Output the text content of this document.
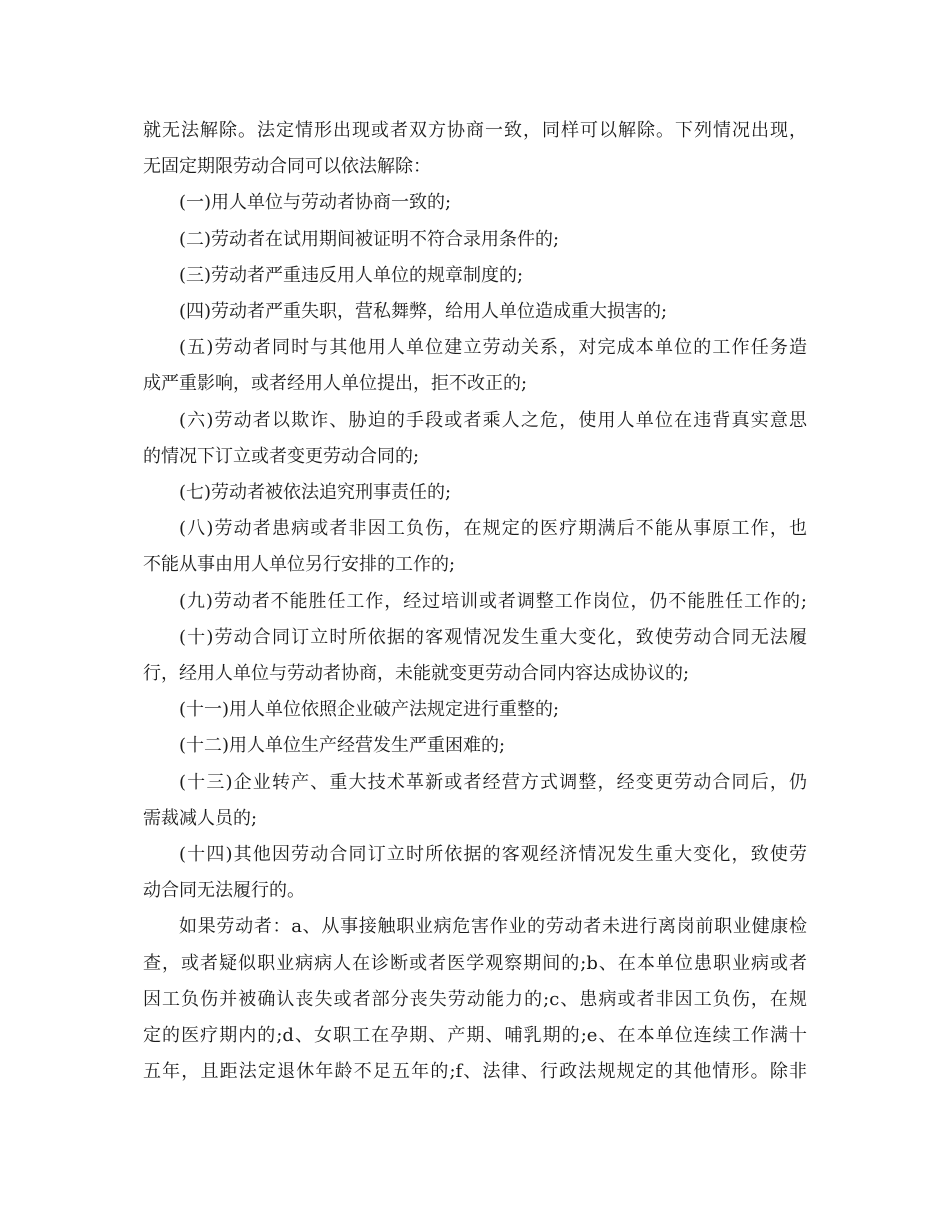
就无法解除。法定情形出现或者双方协商一致，同样可以解除。下列情况出现，

无固定期限劳动合同可以依法解除：

(一)用人单位与劳动者协商一致的;

(二)劳动者在试用期间被证明不符合录用条件的;

(三)劳动者严重违反用人单位的规章制度的;

(四)劳动者严重失职，营私舞弊，给用人单位造成重大损害的;

(五)劳动者同时与其他用人单位建立劳动关系，对完成本单位的工作任务造

成严重影响，或者经用人单位提出，拒不改正的;

(六)劳动者以欺诈、胁迫的手段或者乘人之危，使用人单位在违背真实意思

的情况下订立或者变更劳动合同的;

(七)劳动者被依法追究刑事责任的;

(八)劳动者患病或者非因工负伤，在规定的医疗期满后不能从事原工作，也

不能从事由用人单位另行安排的工作的;

(九)劳动者不能胜任工作，经过培训或者调整工作岗位，仍不能胜任工作的;

(十)劳动合同订立时所依据的客观情况发生重大变化，致使劳动合同无法履

行，经用人单位与劳动者协商，未能就变更劳动合同内容达成协议的;

(十一)用人单位依照企业破产法规定进行重整的;

(十二)用人单位生产经营发生严重困难的;

(十三)企业转产、重大技术革新或者经营方式调整，经变更劳动合同后，仍

需裁减人员的;

(十四)其他因劳动合同订立时所依据的客观经济情况发生重大变化，致使劳

动合同无法履行的。

如果劳动者：a、从事接触职业病危害作业的劳动者未进行离岗前职业健康检

查，或者疑似职业病病人在诊断或者医学观察期间的;b、在本单位患职业病或者

因工负伤并被确认丧失或者部分丧失劳动能力的;c、患病或者非因工负伤，在规

定的医疗期内的;d、女职工在孕期、产期、哺乳期的;e、在本单位连续工作满十

五年，且距法定退休年龄不足五年的;f、法律、行政法规规定的其他情形。除非
